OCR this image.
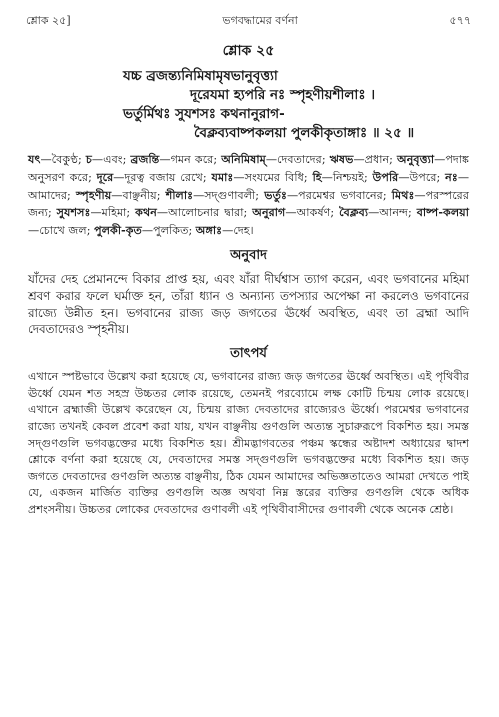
শ্লোক ২৫]	ভগবদ্ধামের বর্ণনা	৫৭৭
শ্লোক ২৫
যচ্চ ব্রজন্ত্যনিমিষামৃষভানুবৃত্ত্যা
দূরেযমা হ্যপরি নঃ স্পৃহণীয়শীলাঃ ।
ভর্তুর্মিথঃ সুযশসঃ কথনানুরাগ-
বৈক্লব্যবাষ্পকলয়া পুলকীকৃতাঙ্গাঃ ॥ ২৫ ॥
যৎ—বৈকুণ্ঠ; চ—এবং; ব্রজন্তি—গমন করে; অনিমিষাম্—দেবতাদের; ঋষভ—প্রধান; অনুবৃত্ত্যা—পদাঙ্ক অনুসরণ করে; দূরে—দূরত্ব বজায় রেখে; যমাঃ—সংযমের বিধি; হি—নিশ্চয়ই; উপরি—উপরে; নঃ—আমাদের; স্পৃহণীয়—বাঞ্ছনীয়; শীলাঃ—সদ্‌গুণাবলী; ভর্তুঃ—পরমেশ্বর ভগবানের; মিথঃ—পরস্পরের জন্য; সুযশসঃ—মহিমা; কথন—আলোচনার দ্বারা; অনুরাগ—আকর্ষণ; বৈক্লব্য—আনন্দ; বাষ্প-কলয়া—চোখে জল; পুলকী-কৃত—পুলকিত; অঙ্গাঃ—দেহ।
অনুবাদ
যাঁদের দেহ প্রেমানন্দে বিকার প্রাপ্ত হয়, এবং যাঁরা দীর্ঘশ্বাস ত্যাগ করেন, এবং ভগবানের মহিমা শ্রবণ করার ফলে ঘর্মাক্ত হন, তাঁরা ধ্যান ও অন্যান্য তপস্যার অপেক্ষা না করলেও ভগবানের রাজ্যে উন্নীত হন। ভগবানের রাজ্য জড় জগতের ঊর্ধ্বে অবস্থিত, এবং তা ব্রহ্মা আদি দেবতাদেরও স্পৃহনীয়।
তাৎপর্য
এখানে স্পষ্টভাবে উল্লেখ করা হয়েছে যে, ভগবানের রাজ্য জড় জগতের ঊর্ধ্বে অবস্থিত। এই পৃথিবীর ঊর্ধ্বে যেমন শত সহস্র উচ্চতর লোক রয়েছে, তেমনই পরব্যোমে লক্ষ কোটি চিন্ময় লোক রয়েছে। এখানে ব্রহ্মাজী উল্লেখ করেছেন যে, চিন্ময় রাজ্য দেবতাদের রাজ্যেরও ঊর্ধ্বে। পরমেশ্বর ভগবানের রাজ্যে তখনই কেবল প্রবেশ করা যায়, যখন বাঞ্ছনীয় গুণগুলি অত্যন্ত সুচারুরূপে বিকশিত হয়। সমস্ত সদ্‌গুণগুলি ভগবদ্ভক্তের মধ্যে বিকশিত হয়। শ্রীমদ্ভাগবতের পঞ্চম স্কন্ধের অষ্টাদশ অধ্যায়ের দ্বাদশ শ্লোকে বর্ণনা করা হয়েছে যে, দেবতাদের সমস্ত সদ্‌গুণগুলি ভগবদ্ভক্তের মধ্যে বিকশিত হয়। জড় জগতে দেবতাদের গুণগুলি অত্যন্ত বাঞ্ছনীয়, ঠিক যেমন আমাদের অভিজ্ঞতাতেও আমরা দেখতে পাই যে, একজন মার্জিত ব্যক্তির গুণগুলি অজ্ঞ অথবা নিম্ন স্তরের ব্যক্তির গুণগুলি থেকে অধিক প্রশংসনীয়। উচ্চতর লোকের দেবতাদের গুণাবলী এই পৃথিবীবাসীদের গুণাবলী থেকে অনেক শ্রেষ্ঠ।
